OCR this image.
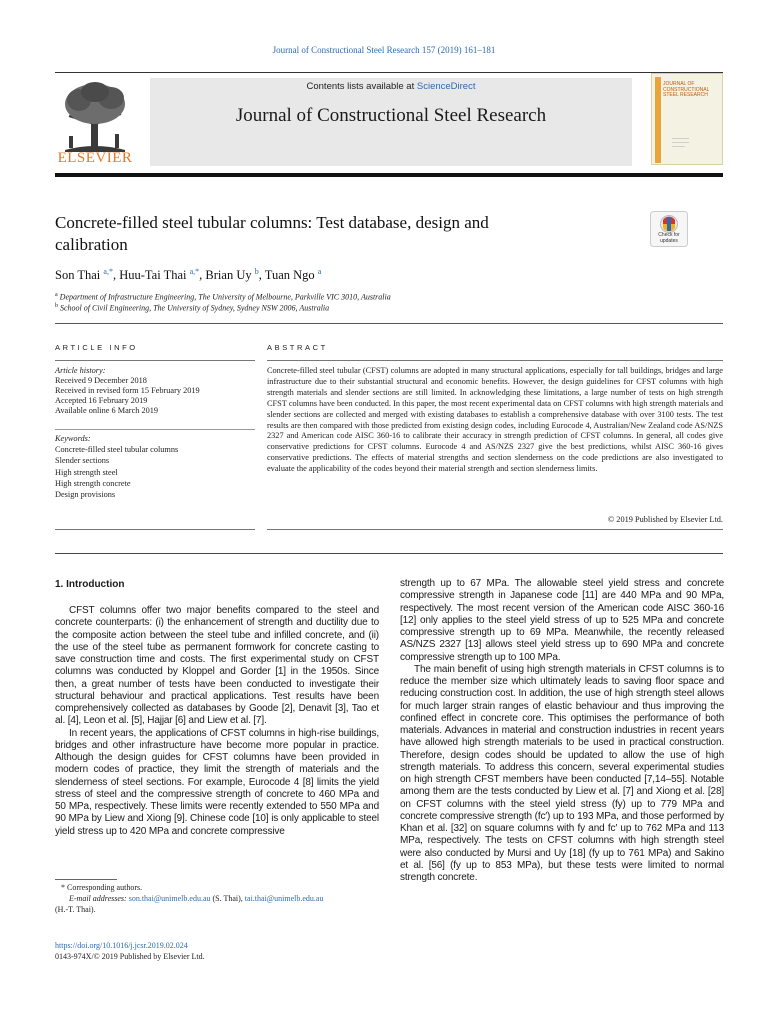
Journal of Constructional Steel Research 157 (2019) 161–181
ELSEVIER
Contents lists available at ScienceDirect
Journal of Constructional Steel Research
JOURNAL OF CONSTRUCTIONAL STEEL RESEARCH
────────
────────
──────
Concrete-filled steel tubular columns: Test database, design and calibration	Check for updates
Son Thai $^{a,*}$, Huu-Tai Thai $^{a,*}$, Brian Uy $^b$, Tuan Ngo $^a$
$^a$ Department of Infrastructure Engineering, The University of Melbourne, Parkville VIC 3010, Australia
$^b$ School of Civil Engineering, The University of Sydney, Sydney NSW 2006, Australia
ARTICLE INFO	ABSTRACT
Article history:
Received 9 December 2018
Received in revised form 15 February 2019
Accepted 16 February 2019
Available online 6 March 2019
Keywords:
Concrete-filled steel tubular columns
Slender sections
High strength steel
High strength concrete
Design provisions
Concrete-filled steel tubular (CFST) columns are adopted in many structural applications, especially for tall buildings, bridges and large infrastructure due to their substantial structural and economic benefits. However, the design guidelines for CFST columns with high strength materials and slender sections are still limited. In acknowledging these limitations, a large number of tests on high strength CFST columns have been conducted. In this paper, the most recent experimental data on CFST columns with high strength materials and slender sections are collected and merged with existing databases to establish a comprehensive database with over 3100 tests. The test results are then compared with those predicted from existing design codes, including Eurocode 4, Australian/New Zealand code AS/NZS 2327 and American code AISC 360-16 to calibrate their accuracy in strength prediction of CFST columns. In general, all codes give conservative predictions for CFST columns. Eurocode 4 and AS/NZS 2327 give the best predictions, whilst AISC 360-16 gives conservative predictions. The effects of material strengths and section slenderness on the code predictions are also investigated to evaluate the applicability of the codes beyond their material strength and section slenderness limits.
© 2019 Published by Elsevier Ltd.
1. Introduction

CFST columns offer two major benefits compared to the steel and concrete counterparts: (i) the enhancement of strength and ductility due to the composite action between the steel tube and infilled concrete, and (ii) the use of the steel tube as permanent formwork for concrete casting to save construction time and costs. The first experimental study on CFST columns was conducted by Kloppel and Gorder [1] in the 1950s. Since then, a great number of tests have been conducted to investigate their structural behaviour and practical applications. Test results have been comprehensively collected as databases by Goode [2], Denavit [3], Tao et al. [4], Leon et al. [5], Hajjar [6] and Liew et al. [7].

In recent years, the applications of CFST columns in high-rise buildings, bridges and other infrastructure have become more popular in practice. Although the design guides for CFST columns have been provided in modern codes of practice, they limit the strength of materials and the slenderness of steel sections. For example, Eurocode 4 [8] limits the yield stress of steel and the compressive strength of concrete to 460 MPa and 50 MPa, respectively. These limits were recently extended to 550 MPa and 90 MPa by Liew and Xiong [9]. Chinese code [10] is only applicable to steel yield stress up to 420 MPa and concrete compressive

strength up to 67 MPa. The allowable steel yield stress and concrete compressive strength in Japanese code [11] are 440 MPa and 90 MPa, respectively. The most recent version of the American code AISC 360-16 [12] only applies to the steel yield stress of up to 525 MPa and concrete compressive strength up to 69 MPa. Meanwhile, the recently released AS/NZS 2327 [13] allows steel yield stress up to 690 MPa and concrete compressive strength up to 100 MPa.

The main benefit of using high strength materials in CFST columns is to reduce the member size which ultimately leads to saving floor space and reducing construction cost. In addition, the use of high strength steel allows for much larger strain ranges of elastic behaviour and thus improving the confined effect in concrete core. This optimises the performance of both materials. Advances in material and construction industries in recent years have allowed high strength materials to be used in practical construction. Therefore, design codes should be updated to allow the use of high strength materials. To address this concern, several experimental studies on high strength CFST members have been conducted [7,14–55]. Notable among them are the tests conducted by Liew et al. [7] and Xiong et al. [28] on CFST columns with the steel yield stress (fy) up to 779 MPa and concrete compressive strength (fc′) up to 193 MPa, and those performed by Khan et al. [32] on square columns with fy and fc′ up to 762 MPa and 113 MPa, respectively. The tests on CFST columns with high strength steel were also conducted by Mursi and Uy [18] (fy up to 761 MPa) and Sakino et al. [56] (fy up to 853 MPa), but these tests were limited to normal strength concrete.

* Corresponding authors.
E-mail addresses: son.thai@unimelb.edu.au (S. Thai), tai.thai@unimelb.edu.au
(H.-T. Thai).
https://doi.org/10.1016/j.jcsr.2019.02.024
0143-974X/© 2019 Published by Elsevier Ltd.
